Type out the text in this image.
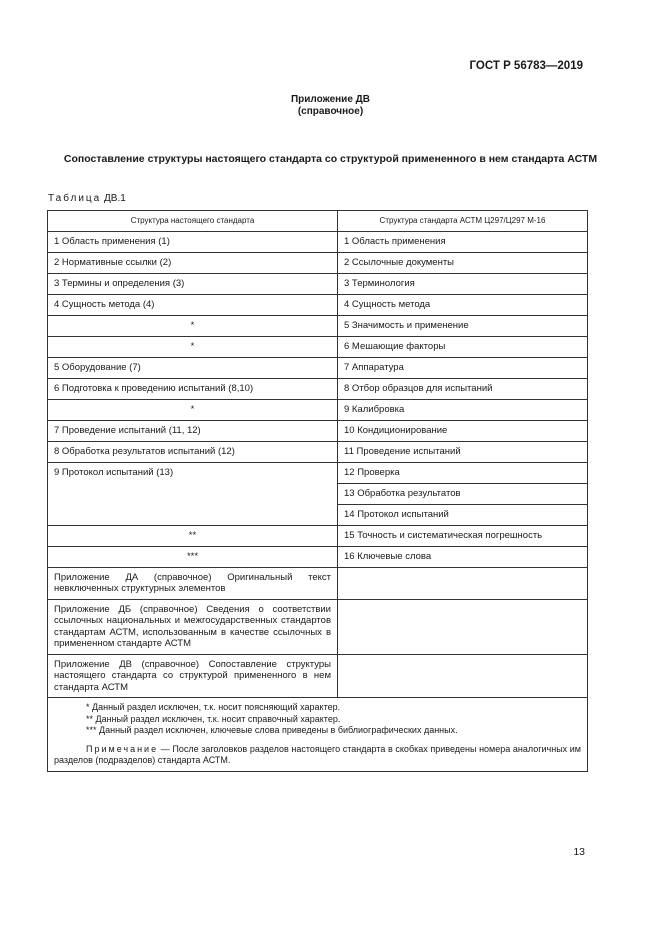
ГОСТ Р 56783—2019
Приложение ДВ
(справочное)
Сопоставление структуры настоящего стандарта со структурой примененного в нем стандарта АСТМ
Таблица ДВ.1
Структура настоящего стандарта	Структура стандарта АСТМ Ц297/Ц297 М-16
1 Область применения (1)	1 Область применения
2 Нормативные ссылки (2)	2 Ссылочные документы
3 Термины и определения (3)	3 Терминология
4 Сущность метода (4)	4 Сущность метода
*	5 Значимость и применение
*	6 Мешающие факторы
5 Оборудование (7)	7 Аппаратура
6 Подготовка к проведению испытаний (8,10)	8 Отбор образцов для испытаний
*	9 Калибровка
7 Проведение испытаний (11, 12)	10 Кондиционирование
8 Обработка результатов испытаний (12)	11 Проведение испытаний
9 Протокол испытаний (13)	12 Проверка
	13 Обработка результатов
	14 Протокол испытаний
**	15 Точность и систематическая погрешность
***	16 Ключевые слова
Приложение ДА (справочное) Оригинальный текст невключенных структурных элементов	
Приложение ДБ (справочное) Сведения о соответствии ссылочных национальных и межгосударственных стандартов стандартам АСТМ, использованным в качестве ссылочных в примененном стандарте АСТМ	
Приложение ДВ (справочное) Сопоставление структуры настоящего стандарта со структурой примененного в нем стандарта АСТМ	

* Данный раздел исключен, т.к. носит поясняющий характер.
** Данный раздел исключен, т.к. носит справочный характер.
*** Данный раздел исключен, ключевые слова приведены в библиографических данных.
Примечание — После заголовков разделов настоящего стандарта в скобках приведены номера аналогичных им разделов (подразделов) стандарта АСТМ.	
13
